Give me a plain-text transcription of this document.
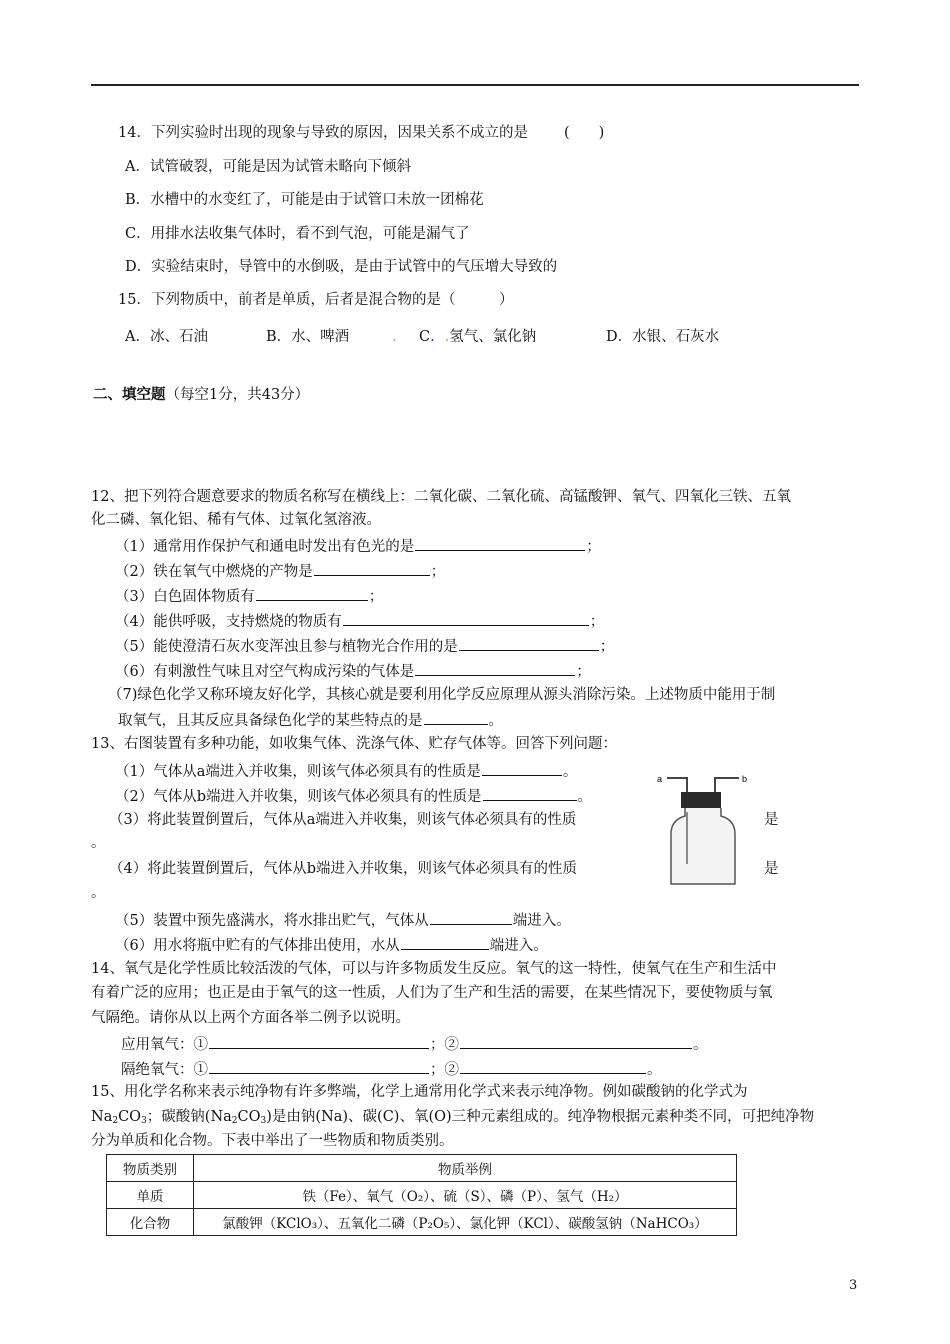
14．下列实验时出现的现象与导致的原因，因果关系不成立的是 (　　)
A．试管破裂，可能是因为试管未略向下倾斜
B．水槽中的水变红了，可能是由于试管口未放一团棉花
C．用排水法收集气体时，看不到气泡，可能是漏气了
D．实验结束时，导管中的水倒吸，是由于试管中的气压增大导致的
15．下列物质中，前者是单质，后者是混合物的是（　　　）
A．冰、石油	B．水、啤酒	. C．.氢气、氯化钠	D．水银、石灰水
二、填空题（每空1分，共43分）
12、把下列符合题意要求的物质名称写在横线上：二氧化碳、二氧化硫、高锰酸钾、氧气、四氧化三铁、五氧
化二磷、氧化铝、稀有气体、过氧化氢溶液。
（1）通常用作保护气和通电时发出有色光的是	；
（2）铁在氧气中燃烧的产物是	；
（3）白色固体物质有	；
（4）能供呼吸，支持燃烧的物质有	；
（5）能使澄清石灰水变浑浊且参与植物光合作用的是	；
（6）有刺激性气味且对空气构成污染的气体是	；
（7)绿色化学又称环境友好化学，其核心就是要利用化学反应原理从源头消除污染。上述物质中能用于制
取氧气，且其反应具备绿色化学的某些特点的是	。
13、右图装置有多种功能，如收集气体、洗涤气体、贮存气体等。回答下列问题：
（1）气体从a端进入并收集，则该气体必须具有的性质是	。
（2）气体从b端进入并收集，则该气体必须具有的性质是	。
（3）将此装置倒置后，气体从a端进入并收集，则该气体必须具有的性质	是
。
（4）将此装置倒置后，气体从b端进入并收集，则该气体必须具有的性质	是
。
（5）装置中预先盛满水，将水排出贮气，气体从	端进入。
（6）用水将瓶中贮有的气体排出使用，水从	端进入。
a	b
14、氧气是化学性质比较活泼的气体，可以与许多物质发生反应。氧气的这一特性，使氧气在生产和生活中
有着广泛的应用；也正是由于氧气的这一性质，人们为了生产和生活的需要，在某些情况下，要使物质与氧
气隔绝。请你从以上两个方面各举二例予以说明。
应用氧气：①	；②	。
隔绝氧气：①	；②	。
15、用化学名称来表示纯净物有许多弊端，化学上通常用化学式来表示纯净物。例如碳酸钠的化学式为
$Na_2CO_3$；碳酸钠$(Na_2CO_3)$是由钠(Na)、碳(C)、氧(O)三种元素组成的。纯净物根据元素种类不同，可把纯净物
分为单质和化合物。下表中举出了一些物质和物质类别。
物质类别	物质举例
单质	铁（Fe）、氧气（O₂）、硫（S）、磷（P）、氢气（H₂）
化合物	氯酸钾（KClO₃）、五氧化二磷（P₂O₅）、氯化钾（KCl）、碳酸氢钠（NaHCO₃）
3
